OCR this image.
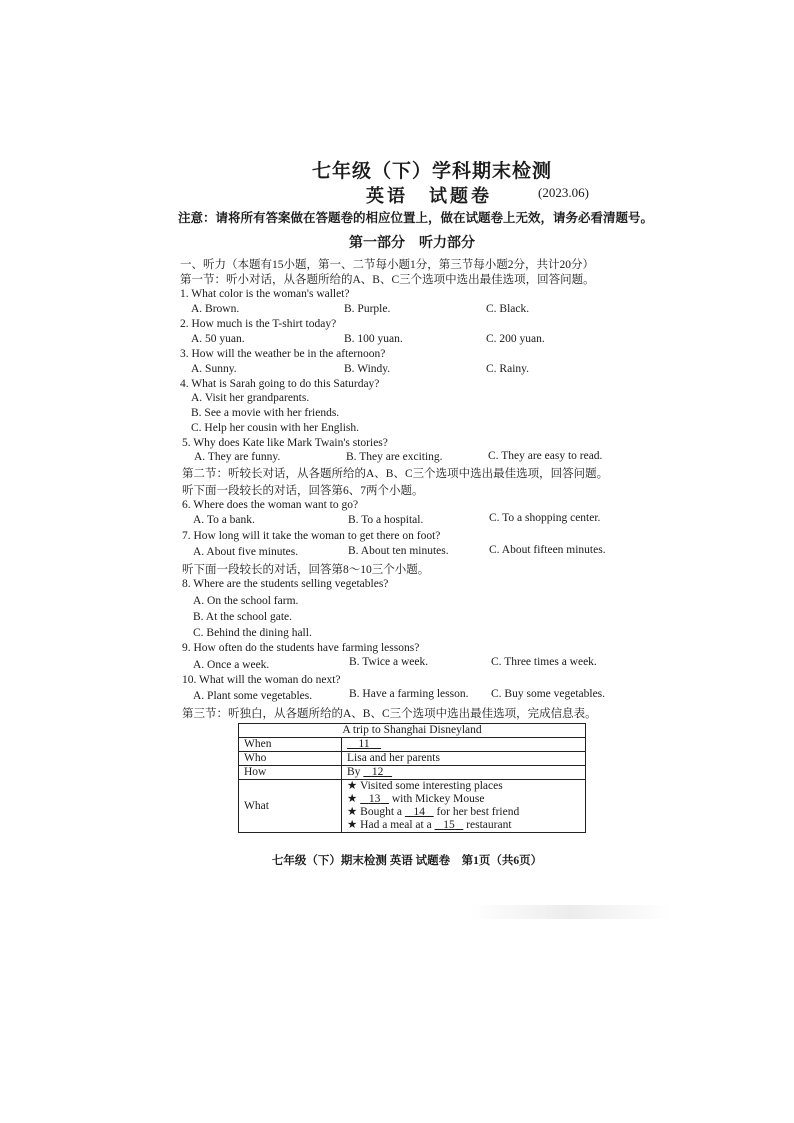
七年级（下）学科期末检测
英语　试题卷	(2023.06)
注意：请将所有答案做在答题卷的相应位置上，做在试题卷上无效，请务必看清题号。
第一部分　听力部分
一、听力（本题有15小题，第一、二节每小题1分，第三节每小题2分，共计20分）
第一节：听小对话，从各题所给的A、B、C三个选项中选出最佳选项，回答问题。
1. What color is the woman's wallet?
A. Brown.	B. Purple.	C. Black.
2. How much is the T-shirt today?
A. 50 yuan.	B. 100 yuan.	C. 200 yuan.
3. How will the weather be in the afternoon?
A. Sunny.	B. Windy.	C. Rainy.
4. What is Sarah going to do this Saturday?
A. Visit her grandparents.
B. See a movie with her friends.
C. Help her cousin with her English.
5. Why does Kate like Mark Twain's stories?
A. They are funny.	B. They are exciting.	C. They are easy to read.
第二节：听较长对话，从各题所给的A、B、C三个选项中选出最佳选项，回答问题。
听下面一段较长的对话，回答第6、7两个小题。
6. Where does the woman want to go?
A. To a bank.	B. To a hospital.	C. To a shopping center.
7. How long will it take the woman to get there on foot?
A. About five minutes.	B. About ten minutes.	C. About fifteen minutes.
听下面一段较长的对话，回答第8～10三个小题。
8. Where are the students selling vegetables?
A. On the school farm.
B. At the school gate.
C. Behind the dining hall.
9. How often do the students have farming lessons?
A. Once a week.	B. Twice a week.	C. Three times a week.
10. What will the woman do next?
A. Plant some vegetables.	B. Have a farming lesson. C. Buy some vegetables.
第三节：听独白，从各题所给的A、B、C三个选项中选出最佳选项，完成信息表。
A trip to Shanghai Disneyland	
When	11
Who	Lisa and her parents
How	By 12
What	★ Visited some interesting places
★ 13 with Mickey Mouse
★ Bought a 14 for her best friend
★ Had a meal at a 15 restaurant
七年级（下）期末检测 英语 试题卷　第1页（共6页）
